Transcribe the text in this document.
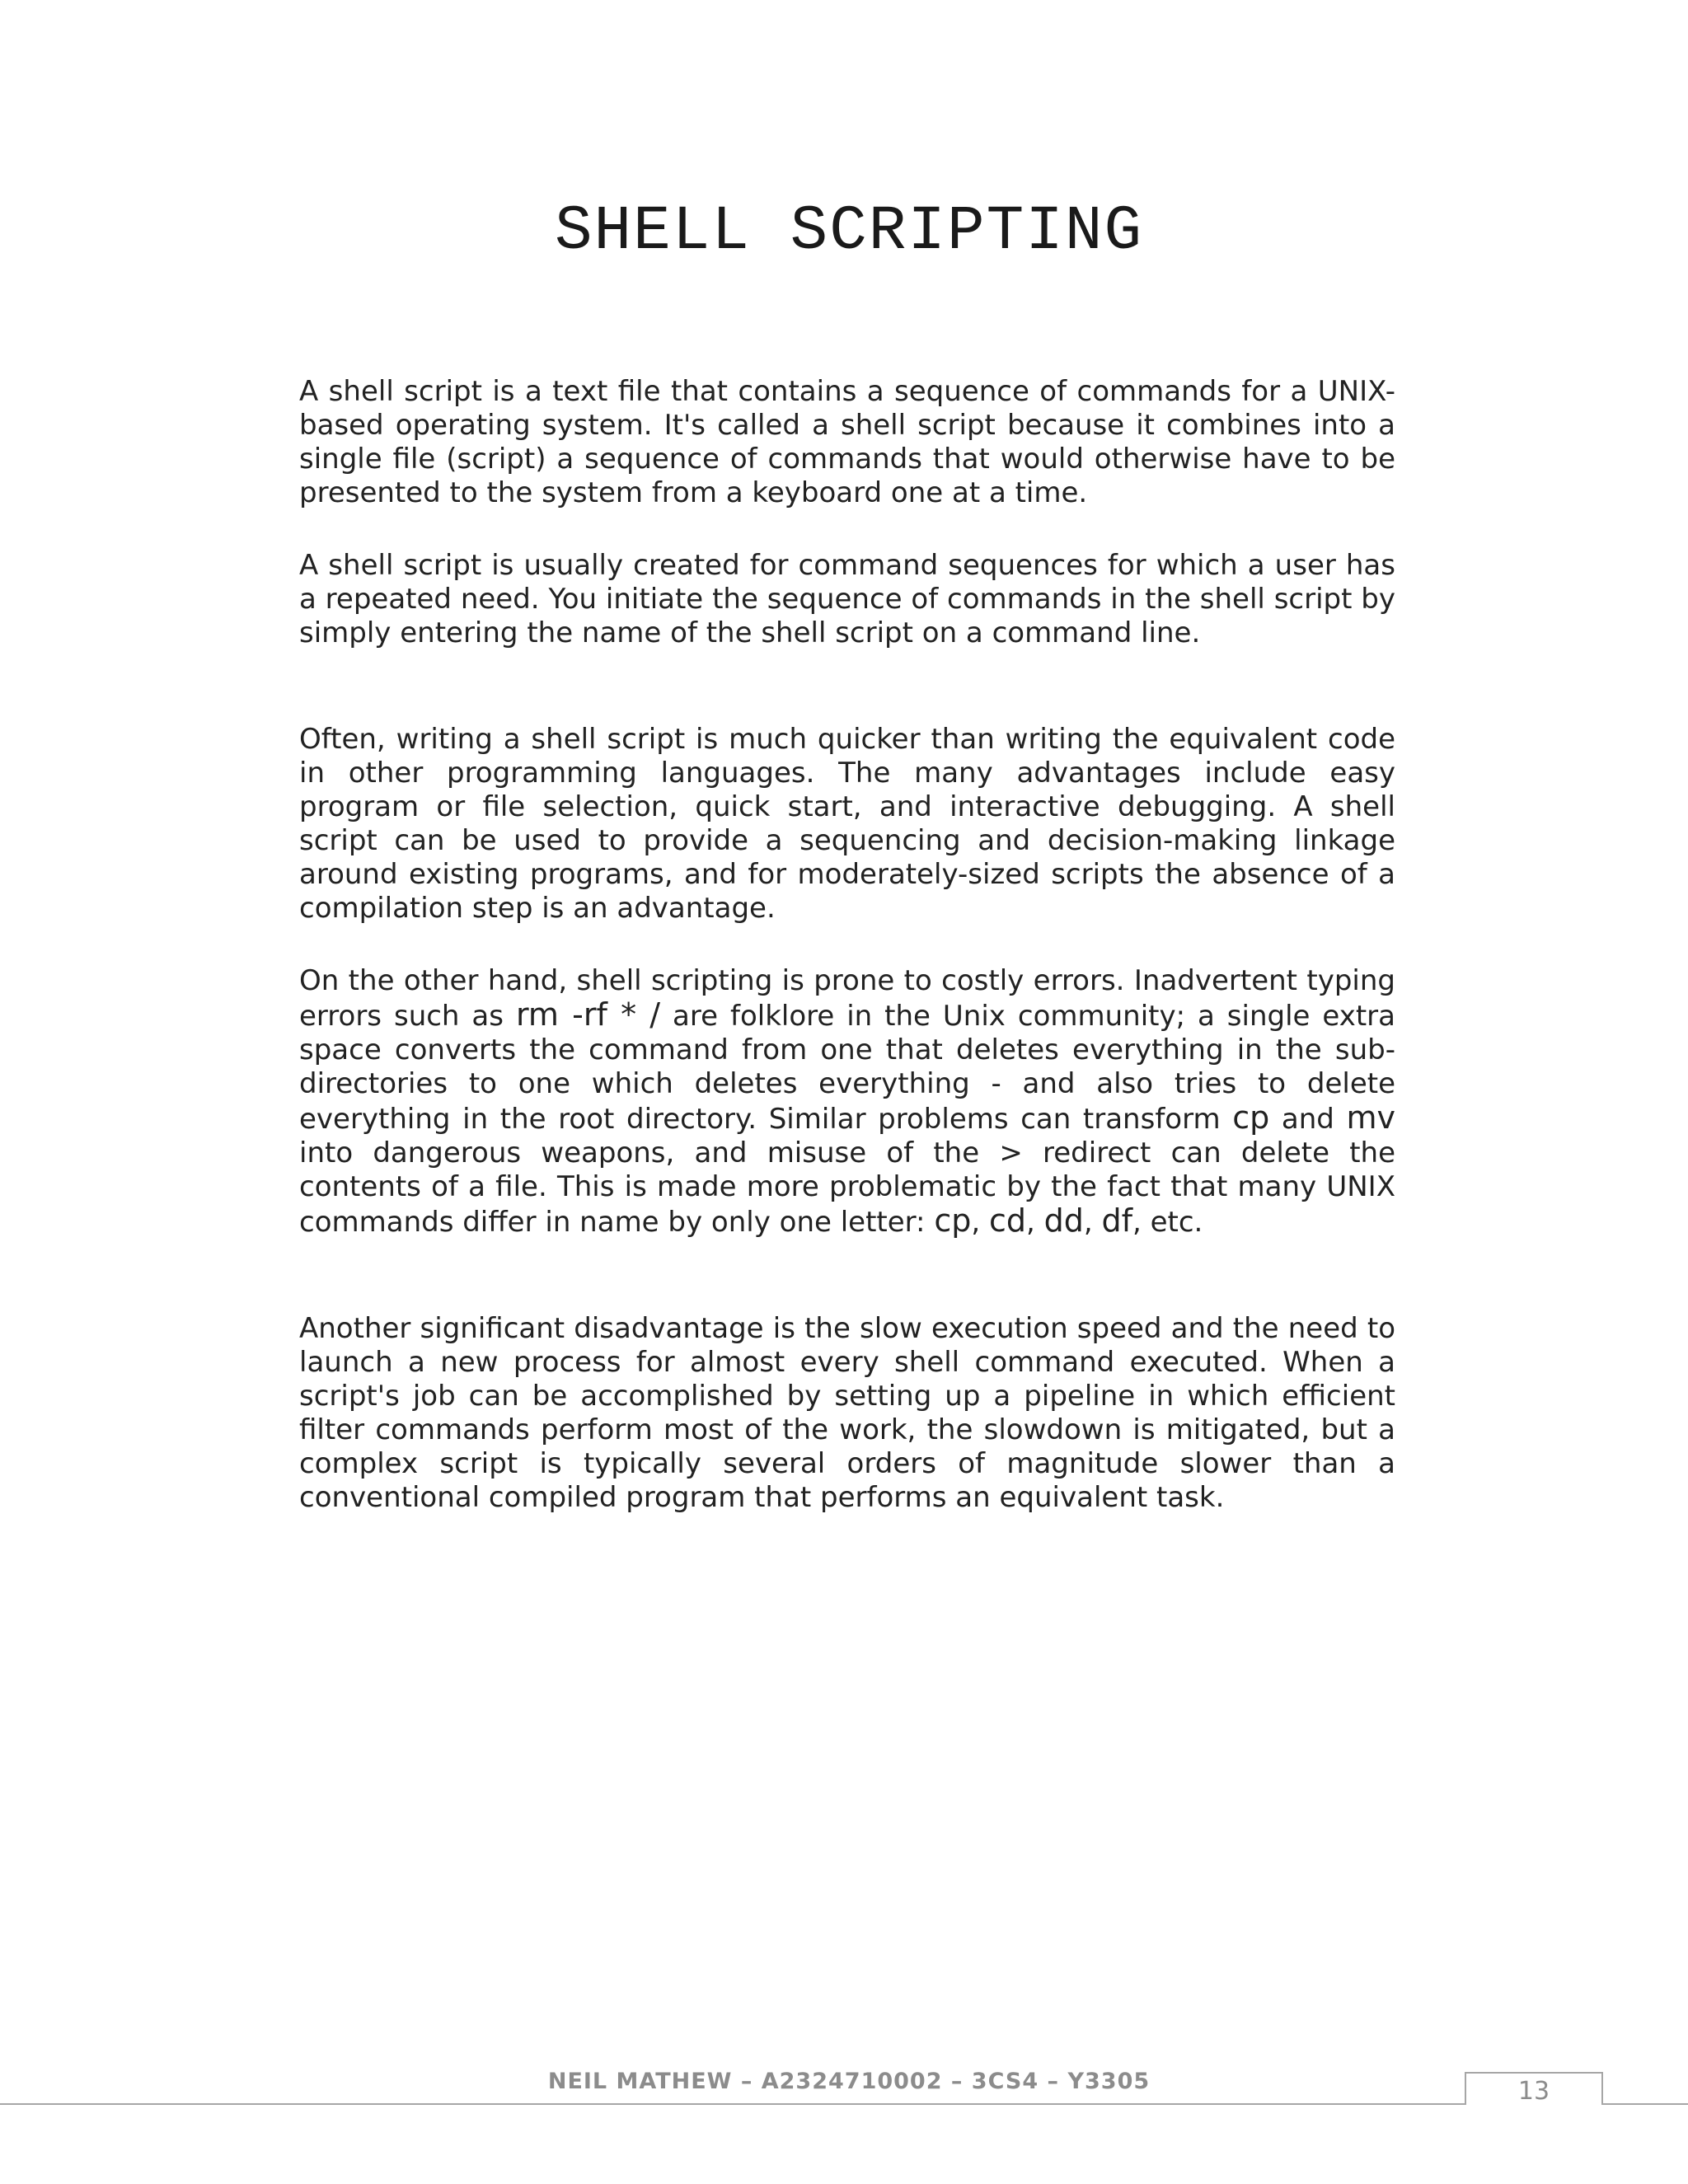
SHELL SCRIPTING

A shell script is a text file that contains a sequence of commands for a UNIX-based operating system. It's called a shell script because it combines into a single file (script) a sequence of commands that would otherwise have to be presented to the system from a keyboard one at a time.

A shell script is usually created for command sequences for which a user has a repeated need. You initiate the sequence of commands in the shell script by simply entering the name of the shell script on a command line.

Often, writing a shell script is much quicker than writing the equivalent code in other programming languages. The many advantages include easy program or file selection, quick start, and interactive debugging. A shell script can be used to provide a sequencing and decision-making linkage around existing programs, and for moderately-sized scripts the absence of a compilation step is an advantage.

On the other hand, shell scripting is prone to costly errors. Inadvertent typing errors such as rm -rf * / are folklore in the Unix community; a single extra space converts the command from one that deletes everything in the sub-directories to one which deletes everything - and also tries to delete everything in the root directory. Similar problems can transform cp and mv into dangerous weapons, and misuse of the > redirect can delete the contents of a file. This is made more problematic by the fact that many UNIX commands differ in name by only one letter: cp, cd, dd, df, etc.

Another significant disadvantage is the slow execution speed and the need to launch a new process for almost every shell command executed. When a script's job can be accomplished by setting up a pipeline in which efficient filter commands perform most of the work, the slowdown is mitigated, but a complex script is typically several orders of magnitude slower than a conventional compiled program that performs an equivalent task.

NEIL MATHEW – A2324710002 – 3CS4 – Y3305	13
